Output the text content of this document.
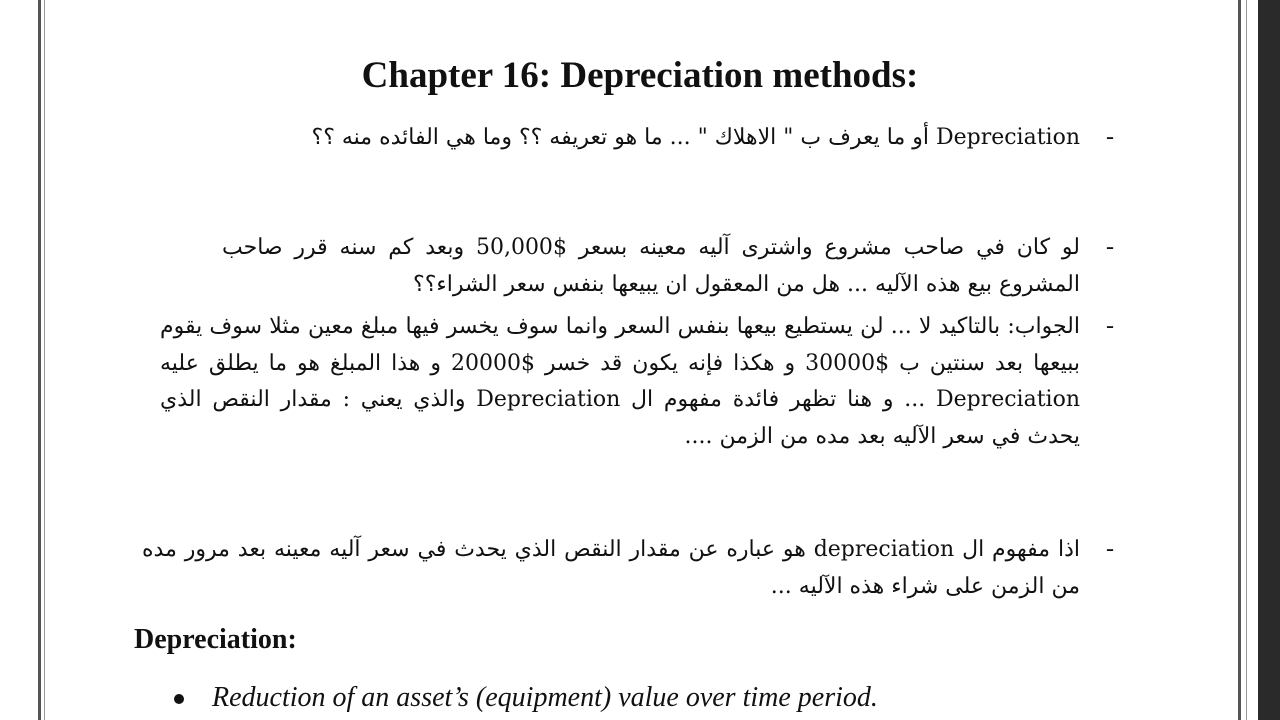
Chapter 16: Depreciation methods:
-
Depreciation أو ما يعرف ب " الاهلاك " ... ما هو تعريفه ؟؟ وما هي الفائده منه ؟؟
-
لو كان في صاحب مشروع واشترى آليه معينه بسعر $50,000 وبعد كم سنه قرر صاحب المشروع بيع هذه الآليه ... هل من المعقول ان يبيعها بنفس سعر الشراء؟؟
-
الجواب: بالتاكيد لا ... لن يستطيع بيعها بنفس السعر وانما سوف يخسر فيها مبلغ معين مثلا سوف يقوم ببيعها بعد سنتين ب $30000 و هكذا فإنه يكون قد خسر $20000 و هذا المبلغ هو ما يطلق عليه Depreciation ... و هنا تظهر فائدة مفهوم ال Depreciation والذي يعني : مقدار النقص الذي يحدث في سعر الآليه بعد مده من الزمن ....
-
اذا مفهوم ال depreciation هو عباره عن مقدار النقص الذي يحدث في سعر آليه معينه بعد مرور مده من الزمن على شراء هذه الآليه ...
Depreciation:
Reduction of an asset’s (equipment) value over time period.
